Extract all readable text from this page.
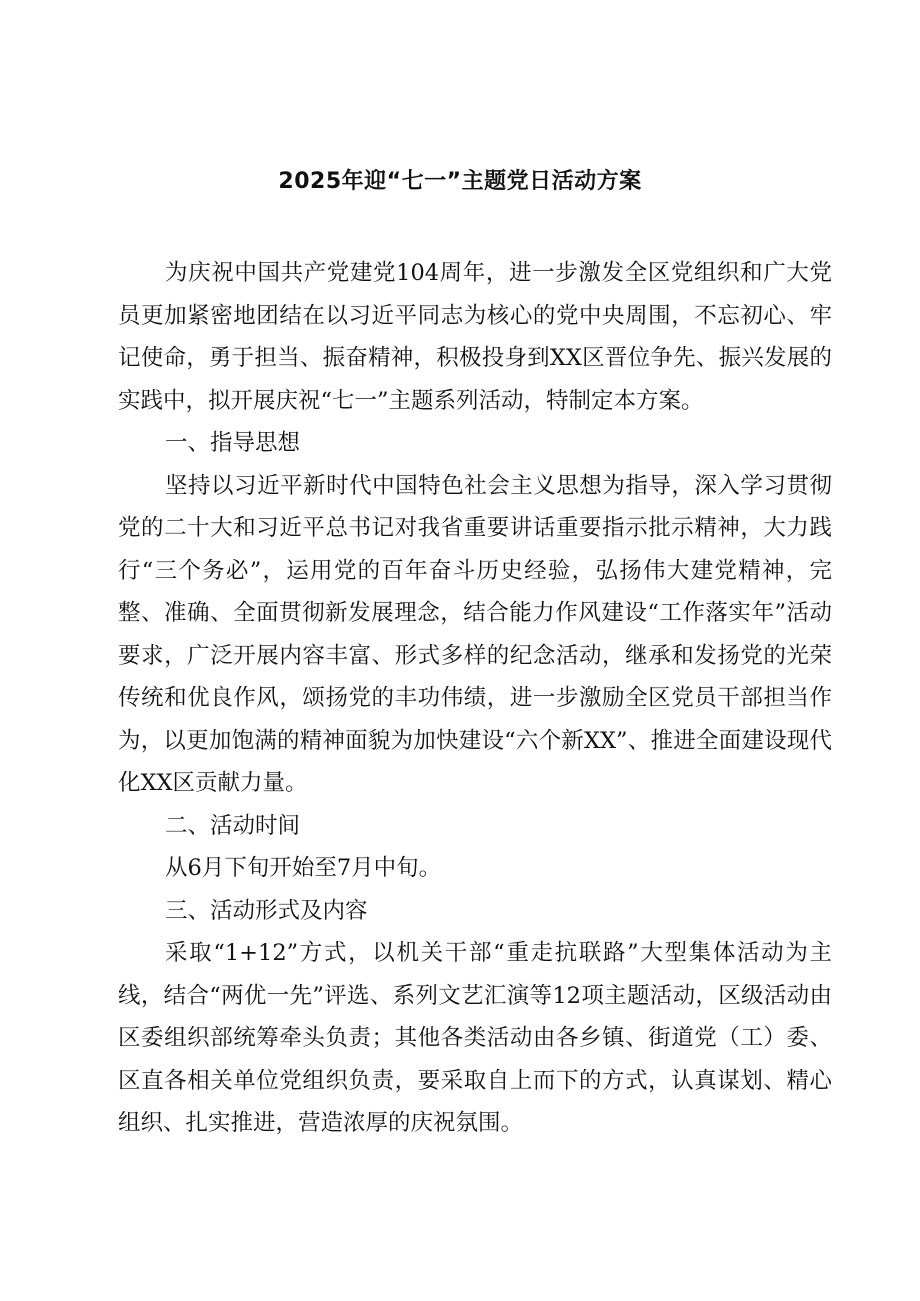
2025年迎“七一”主题党日活动方案

为庆祝中国共产党建党104周年，进一步激发全区党组织和广大党员更加紧密地团结在以习近平同志为核心的党中央周围，不忘初心、牢记使命，勇于担当、振奋精神，积极投身到XX区晋位争先、振兴发展的实践中，拟开展庆祝“七一”主题系列活动，特制定本方案。

一、指导思想

坚持以习近平新时代中国特色社会主义思想为指导，深入学习贯彻党的二十大和习近平总书记对我省重要讲话重要指示批示精神，大力践行“三个务必”，运用党的百年奋斗历史经验，弘扬伟大建党精神，完整、准确、全面贯彻新发展理念，结合能力作风建设“工作落实年”活动要求，广泛开展内容丰富、形式多样的纪念活动，继承和发扬党的光荣传统和优良作风，颂扬党的丰功伟绩，进一步激励全区党员干部担当作为，以更加饱满的精神面貌为加快建设“六个新XX”、推进全面建设现代化XX区贡献力量。

二、活动时间

从6月下旬开始至7月中旬。

三、活动形式及内容

采取“1+12”方式，以机关干部“重走抗联路”大型集体活动为主线，结合“两优一先”评选、系列文艺汇演等12项主题活动，区级活动由区委组织部统筹牵头负责；其他各类活动由各乡镇、街道党（工）委、区直各相关单位党组织负责，要采取自上而下的方式，认真谋划、精心组织、扎实推进，营造浓厚的庆祝氛围。
